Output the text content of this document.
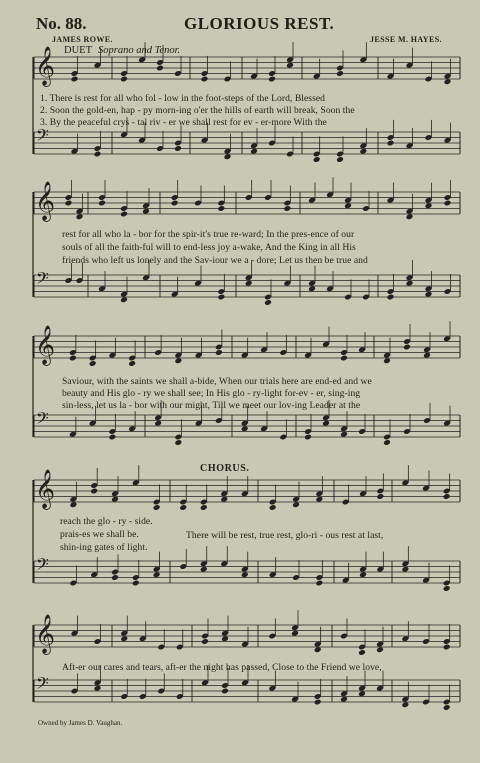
No. 88.	GLORIOUS REST.
JAMES ROWE.	JESSE M. HAYES.
DUET Soprano and Tenor.
𝄞
𝄢
𝄞
𝄢
𝄞
𝄢
𝄞
𝄢
𝄞
𝄢
1. There is rest for all who fol - low in the foot-steps of the Lord, Blessed
2. Soon the gold-en, hap - py morn-ing o'er the hills of earth will break, Soon the
3. By the peaceful crys - tal riv - er we shall rest for ev - er-more With the
rest for all who la - bor for the spir-it's true re-ward; In the pres-ence of our
souls of all the faith-ful will to end-less joy a-wake, And the King in all His
friends who left us lonely and the Sav-iour we a - dore; Let us then be true and
Saviour, with the saints we shall a-bide, When our trials here are end-ed and we
beauty and His glo - ry we shall see; In His glo - ry-light for-ev - er, sing-ing
sin-less, let us la - bor with our might, Till we meet our lov-ing Leader at the
CHORUS.
reach the glo - ry - side.
prais-es we shall be.
shin-ing gates of light.
There will be rest, true rest, glo-ri - ous rest at last,
Aft-er our cares and tears, aft-er the night has passed, Close to the Friend we love,
Owned by James D. Vaughan.
